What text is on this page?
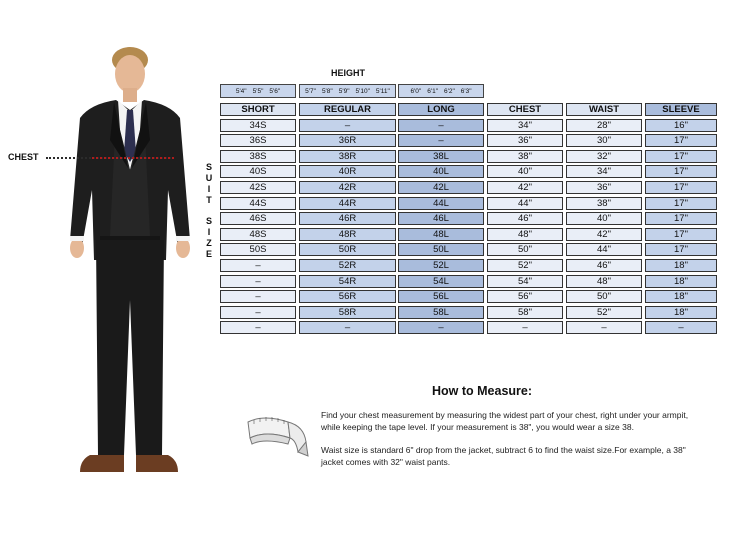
CHEST
S
U
I
T
S
I
Z
E
HEIGHT
5'4" 5'5" 5'6"	5'7" 5'8" 5'9" 5'10" 5'11"	6'0" 6'1" 6'2" 6'3"
SHORT	REGULAR	LONG	CHEST	WAIST	SLEEVE
34S	–	–	34"	28"	16"
36S	36R	–	36"	30"	17"
38S	38R	38L	38"	32"	17"
40S	40R	40L	40"	34"	17"
42S	42R	42L	42"	36"	17"
44S	44R	44L	44"	38"	17"
46S	46R	46L	46"	40"	17"
48S	48R	48L	48"	42"	17"
50S	50R	50L	50"	44"	17"
–	52R	52L	52"	46"	18"
–	54R	54L	54"	48"	18"
–	56R	56L	56"	50"	18"
–	58R	58L	58"	52"	18"
–	–	–	–	–	–
How to Measure:
Find your chest measurement by measuring the widest part of your chest, right under your armpit, while keeping the tape level. If your measurement is 38", you would wear a size 38.
Waist size is standard 6" drop from the jacket, subtract 6 to find the waist size.For example, a 38" jacket comes with 32" waist pants.
